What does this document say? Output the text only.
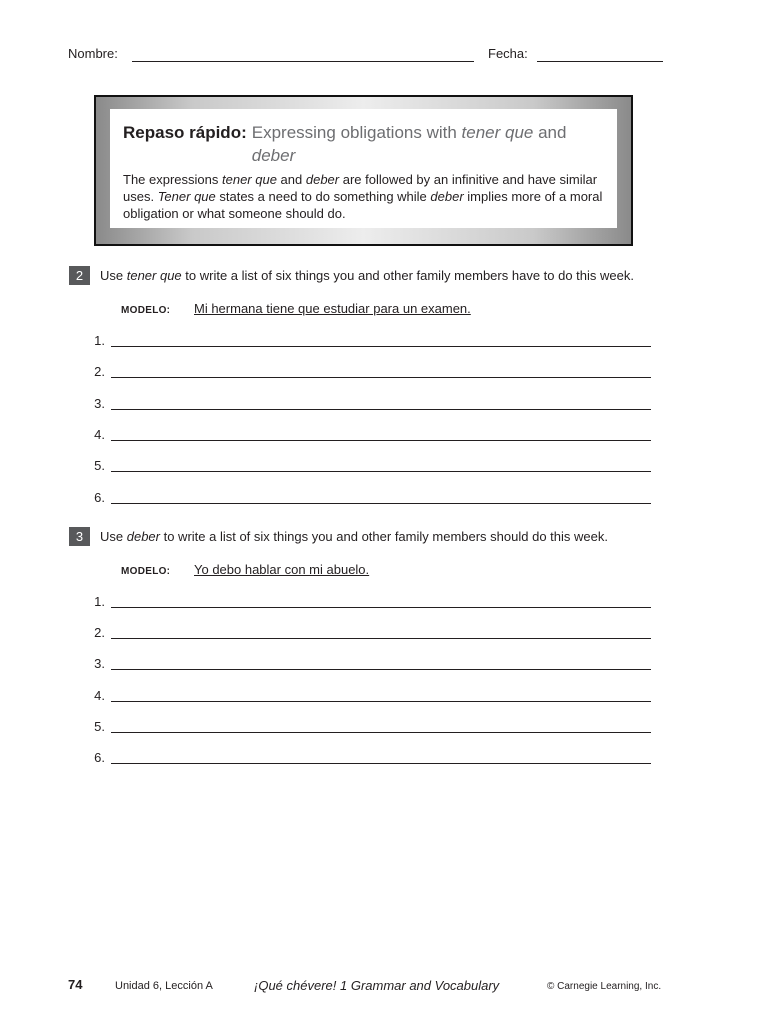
Nombre:	Fecha:
Repaso rápido: Expressing obligations with tener que and deber
The expressions tener que and deber are followed by an infinitive and have similar uses. Tener que states a need to do something while deber implies more of a moral obligation or what someone should do.
2	Use tener que to write a list of six things you and other family members have to do this week.
MODELO: Mi hermana tiene que estudiar para un examen.
1.
2.
3.
4.
5.
6.
3	Use deber to write a list of six things you and other family members should do this week.
MODELO: Yo debo hablar con mi abuelo.
1.
2.
3.
4.
5.
6.
74	Unidad 6, Lección A	¡Qué chévere! 1 Grammar and Vocabulary	© Carnegie Learning, Inc.
